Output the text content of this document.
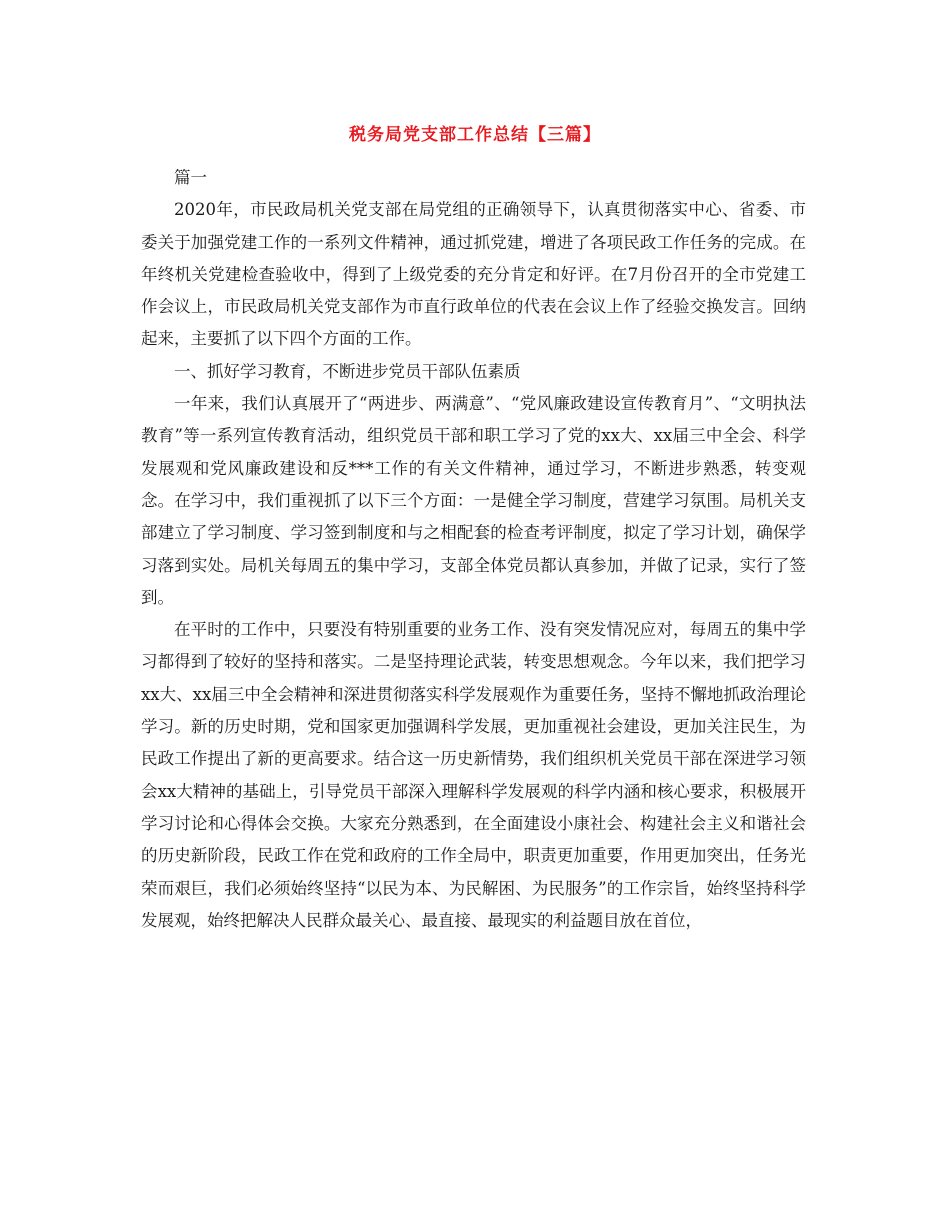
税务局党支部工作总结【三篇】

篇一

2020年，市民政局机关党支部在局党组的正确领导下，认真贯彻落实中心、省委、市委关于加强党建工作的一系列文件精神，通过抓党建，增进了各项民政工作任务的完成。在年终机关党建检查验收中，得到了上级党委的充分肯定和好评。在7月份召开的全市党建工作会议上，市民政局机关党支部作为市直行政单位的代表在会议上作了经验交换发言。回纳起来，主要抓了以下四个方面的工作。

一、抓好学习教育，不断进步党员干部队伍素质

一年来，我们认真展开了“两进步、两满意”、“党风廉政建设宣传教育月”、“文明执法教育”等一系列宣传教育活动，组织党员干部和职工学习了党的xx大、xx届三中全会、科学发展观和党风廉政建设和反***工作的有关文件精神，通过学习，不断进步熟悉，转变观念。在学习中，我们重视抓了以下三个方面：一是健全学习制度，营建学习氛围。局机关支部建立了学习制度、学习签到制度和与之相配套的检查考评制度，拟定了学习计划，确保学习落到实处。局机关每周五的集中学习，支部全体党员都认真参加，并做了记录，实行了签到。

在平时的工作中，只要没有特别重要的业务工作、没有突发情况应对，每周五的集中学习都得到了较好的坚持和落实。二是坚持理论武装，转变思想观念。今年以来，我们把学习xx大、xx届三中全会精神和深进贯彻落实科学发展观作为重要任务，坚持不懈地抓政治理论学习。新的历史时期，党和国家更加强调科学发展，更加重视社会建设，更加关注民生，为民政工作提出了新的更高要求。结合这一历史新情势，我们组织机关党员干部在深进学习领会xx大精神的基础上，引导党员干部深入理解科学发展观的科学内涵和核心要求，积极展开学习讨论和心得体会交换。大家充分熟悉到，在全面建设小康社会、构建社会主义和谐社会的历史新阶段，民政工作在党和政府的工作全局中，职责更加重要，作用更加突出，任务光荣而艰巨，我们必须始终坚持“以民为本、为民解困、为民服务”的工作宗旨，始终坚持科学发展观，始终把解决人民群众最关心、最直接、最现实的利益题目放在首位，
